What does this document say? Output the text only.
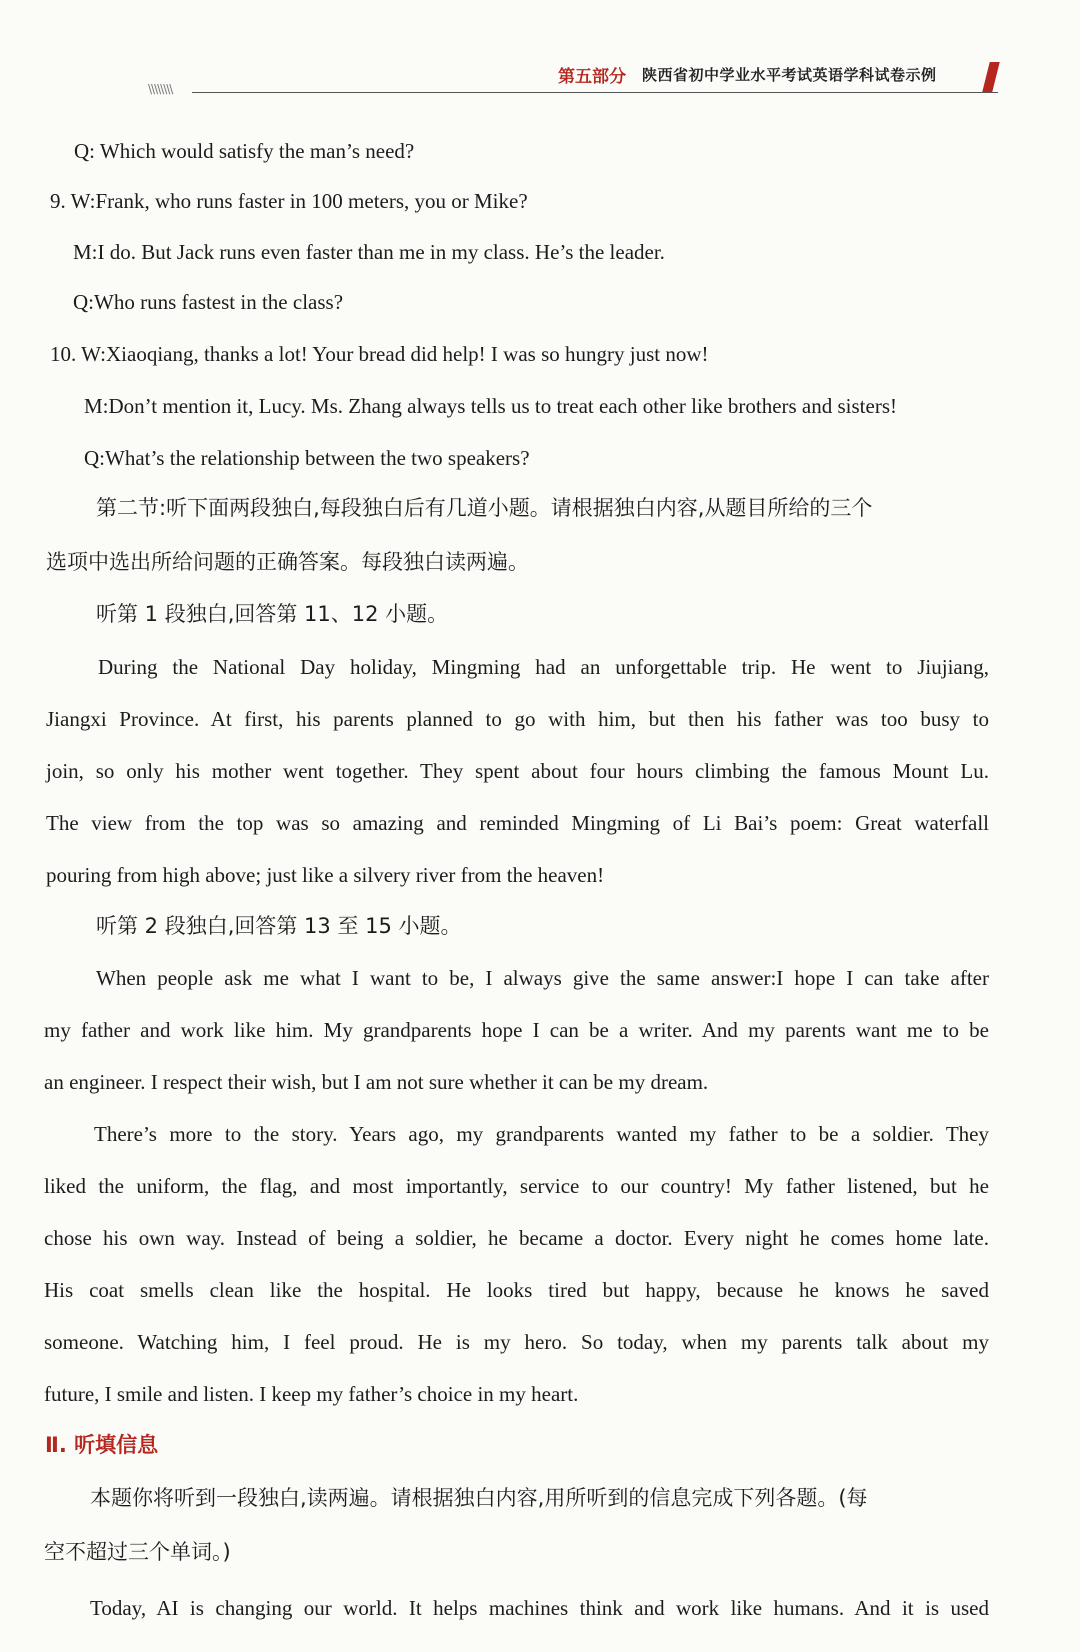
\\\\\\\\
第五部分 陕西省初中学业水平考试英语学科试卷示例
Q: Which would satisfy the man’s need?
9. W:Frank, who runs faster in 100 meters, you or Mike?
M:I do. But Jack runs even faster than me in my class. He’s the leader.
Q:Who runs fastest in the class?
10. W:Xiaoqiang, thanks a lot! Your bread did help! I was so hungry just now!
M:Don’t mention it, Lucy. Ms. Zhang always tells us to treat each other like brothers and sisters!
Q:What’s the relationship between the two speakers?
第二节:听下面两段独白,每段独白后有几道小题。请根据独白内容,从题目所给的三个
选项中选出所给问题的正确答案。每段独白读两遍。
听第 1 段独白,回答第 11、12 小题。
During the National Day holiday, Mingming had an unforgettable trip. He went to Jiujiang,
Jiangxi Province. At first, his parents planned to go with him, but then his father was too busy to
join, so only his mother went together. They spent about four hours climbing the famous Mount Lu.
The view from the top was so amazing and reminded Mingming of Li Bai’s poem: Great waterfall
pouring from high above; just like a silvery river from the heaven!
听第 2 段独白,回答第 13 至 15 小题。
When people ask me what I want to be, I always give the same answer:I hope I can take after
my father and work like him. My grandparents hope I can be a writer. And my parents want me to be
an engineer. I respect their wish, but I am not sure whether it can be my dream.
There’s more to the story. Years ago, my grandparents wanted my father to be a soldier. They
liked the uniform, the flag, and most importantly, service to our country! My father listened, but he
chose his own way. Instead of being a soldier, he became a doctor. Every night he comes home late.
His coat smells clean like the hospital. He looks tired but happy, because he knows he saved
someone. Watching him, I feel proud. He is my hero. So today, when my parents talk about my
future, I smile and listen. I keep my father’s choice in my heart.
Ⅱ. 听填信息
本题你将听到一段独白,读两遍。请根据独白内容,用所听到的信息完成下列各题。(每
空不超过三个单词。)
Today, AI is changing our world. It helps machines think and work like humans. And it is used
